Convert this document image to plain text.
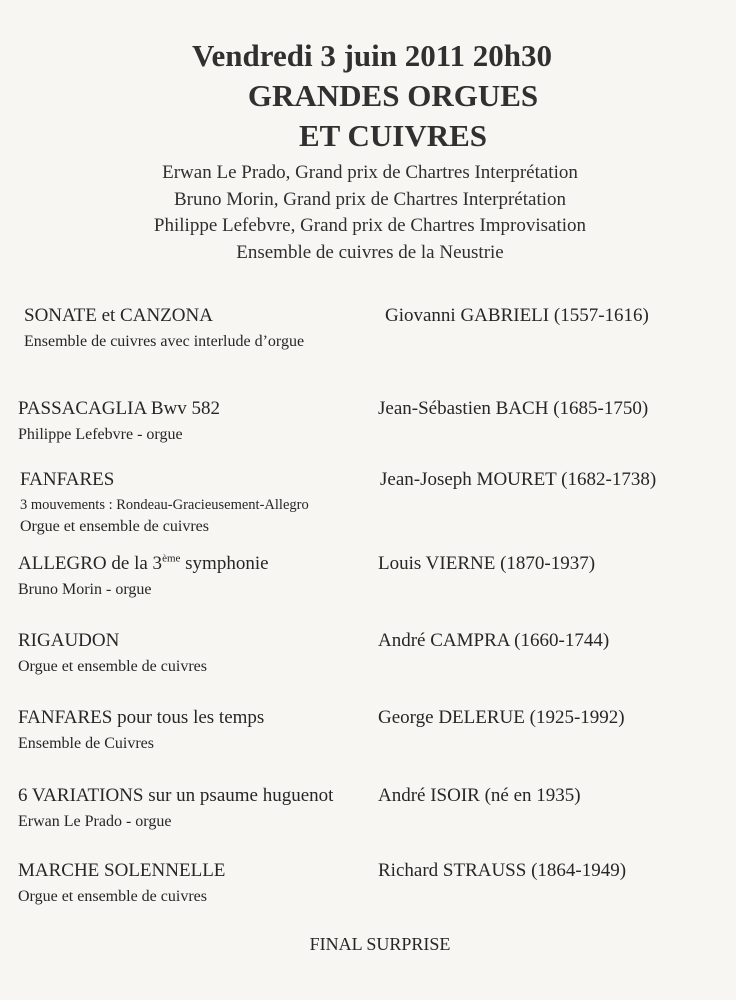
Vendredi 3 juin 2011 20h30
GRANDES ORGUES
ET CUIVRES
Erwan Le Prado, Grand prix de Chartres Interprétation
Bruno Morin, Grand prix de Chartres Interprétation
Philippe Lefebvre, Grand prix de Chartres Improvisation
Ensemble de cuivres de la Neustrie
SONATE et CANZONA	Giovanni GABRIELI (1557-1616)
Ensemble de cuivres avec interlude d’orgue
PASSACAGLIA Bwv 582	Jean-Sébastien BACH (1685-1750)
Philippe Lefebvre - orgue
FANFARES	Jean-Joseph MOURET (1682-1738)
3 mouvements : Rondeau-Gracieusement-Allegro
Orgue et ensemble de cuivres
ALLEGRO de la 3ème symphonie	Louis VIERNE (1870-1937)
Bruno Morin - orgue
RIGAUDON	André CAMPRA (1660-1744)
Orgue et ensemble de cuivres
FANFARES pour tous les temps	George DELERUE (1925-1992)
Ensemble de Cuivres
6 VARIATIONS sur un psaume huguenot André ISOIR (né en 1935)
Erwan Le Prado - orgue
MARCHE SOLENNELLE	Richard STRAUSS (1864-1949)
Orgue et ensemble de cuivres
FINAL SURPRISE
